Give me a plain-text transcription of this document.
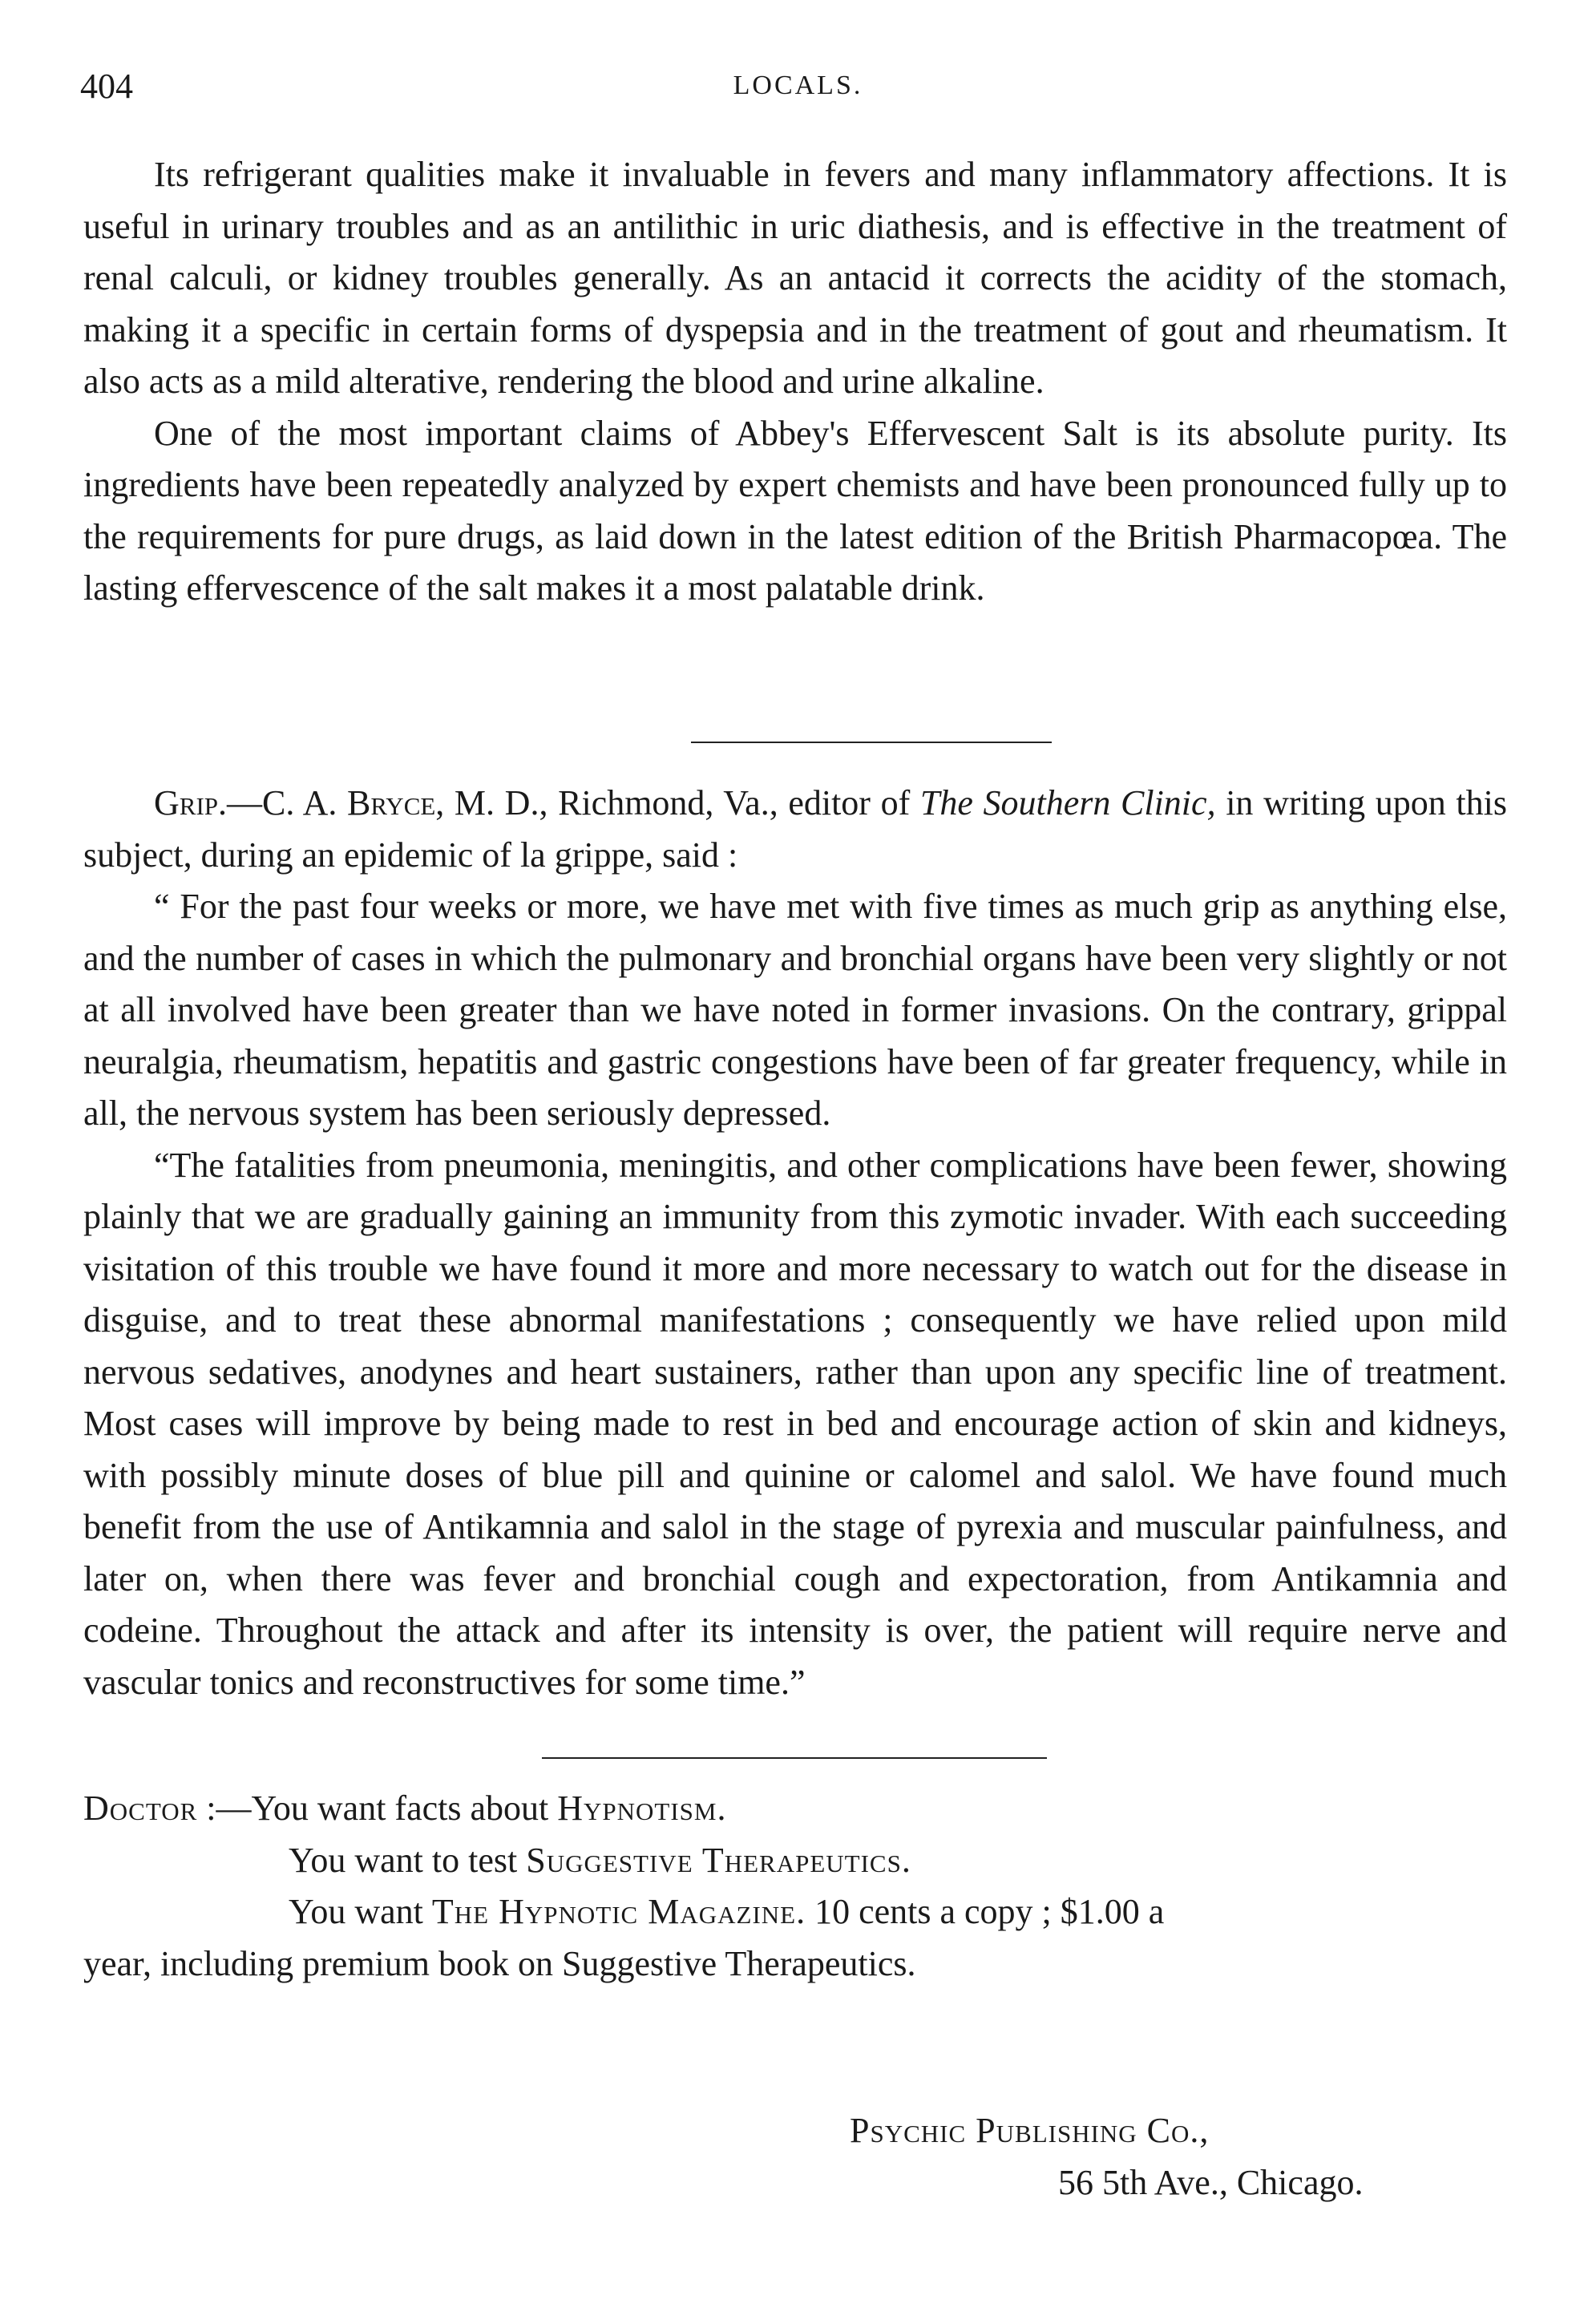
404	LOCALS.

Its refrigerant qualities make it invaluable in fevers and many inflammatory affections. It is useful in urinary troubles and as an antilithic in uric diathesis, and is effective in the treatment of renal calculi, or kidney troubles generally. As an antacid it corrects the acidity of the stomach, making it a specific in certain forms of dyspepsia and in the treatment of gout and rheumatism. It also acts as a mild alterative, rendering the blood and urine alkaline.

One of the most important claims of Abbey's Effervescent Salt is its absolute purity. Its ingredients have been repeatedly analyzed by expert chemists and have been pronounced fully up to the requirements for pure drugs, as laid down in the latest edition of the British Pharmacopœa. The lasting effervescence of the salt makes it a most palatable drink.

Grip.—C. A. Bryce, M. D., Richmond, Va., editor of The Southern Clinic, in writing upon this subject, during an epidemic of la grippe, said :

“ For the past four weeks or more, we have met with five times as much grip as anything else, and the number of cases in which the pulmonary and bronchial organs have been very slightly or not at all involved have been greater than we have noted in former invasions. On the contrary, grippal neuralgia, rheumatism, hepatitis and gastric congestions have been of far greater frequency, while in all, the nervous system has been seriously depressed.

“The fatalities from pneumonia, meningitis, and other complications have been fewer, showing plainly that we are gradually gaining an immunity from this zymotic invader. With each succeeding visitation of this trouble we have found it more and more necessary to watch out for the disease in disguise, and to treat these abnormal manifestations ; consequently we have relied upon mild nervous sedatives, anodynes and heart sustainers, rather than upon any specific line of treatment. Most cases will improve by being made to rest in bed and encourage action of skin and kidneys, with possibly minute doses of blue pill and quinine or calomel and salol. We have found much benefit from the use of Antikamnia and salol in the stage of pyrexia and muscular painfulness, and later on, when there was fever and bronchial cough and expectoration, from Antikamnia and codeine. Throughout the attack and after its intensity is over, the patient will require nerve and vascular tonics and reconstructives for some time.”

Doctor :—You want facts about Hypnotism.
You want to test Suggestive Therapeutics.
You want The Hypnotic Magazine. 10 cents a copy ; $1.00 a
year, including premium book on Suggestive Therapeutics.
Psychic Publishing Co.,
56 5th Ave., Chicago.
